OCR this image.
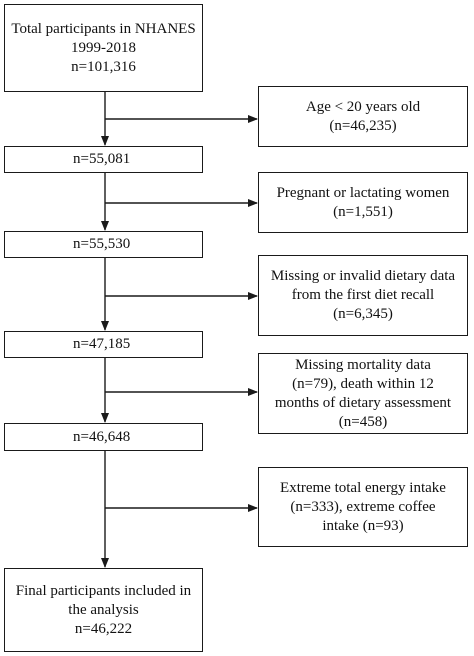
Total participants in NHANES
1999-2018
n=101,316
n=55,081
n=55,530
n=47,185
n=46,648
Final participants included in
the analysis
n=46,222
Age < 20 years old
(n=46,235)
Pregnant or lactating women
(n=1,551)
Missing or invalid dietary data
from the first diet recall
(n=6,345)
Missing mortality data
(n=79), death within 12
months of dietary assessment
(n=458)
Extreme total energy intake
(n=333), extreme coffee
intake (n=93)
